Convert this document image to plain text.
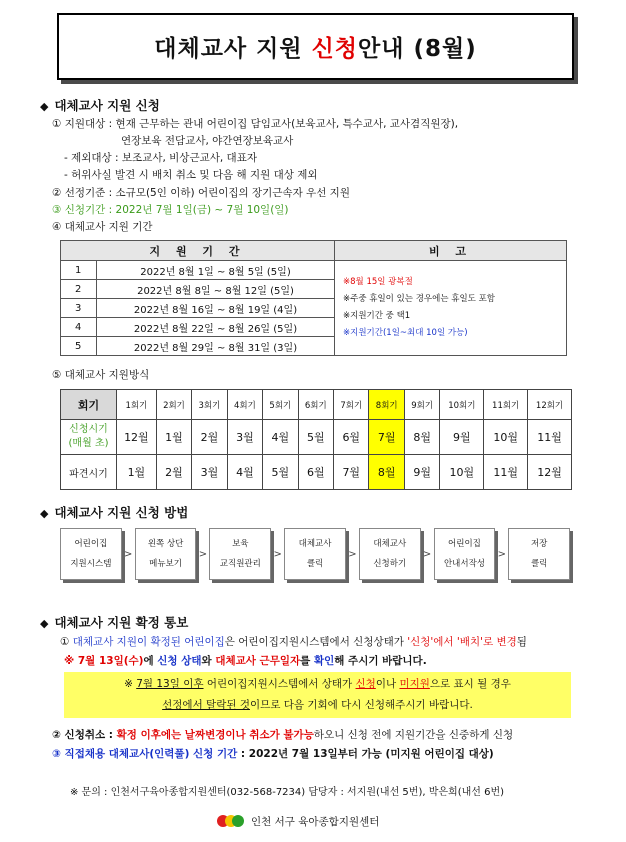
대체교사 지원 신청안내 (8월)
◆ 대체교사 지원 신청
① 지원대상 : 현재 근무하는 관내 어린이집 담임교사(보육교사, 특수교사, 교사겸직원장),
연장보육 전담교사, 야간연장보육교사
- 제외대상 : 보조교사, 비상근교사, 대표자
- 허위사실 발견 시 배치 취소 및 다음 해 지원 대상 제외
② 선정기준 : 소규모(5인 이하) 어린이집의 장기근속자 우선 지원
③ 신청기간 : 2022년 7월 1일(금) ~ 7월 10일(일)
④ 대체교사 지원 기간
지 원 기 간		비 고
1	2022년 8월 1일 ~ 8월 5일 (5일)	※8월 15일 광복절
※주중 휴일이 있는 경우에는 휴일도 포함
※지원기간 중 택1
※지원기간(1일~최대 10일 가능)

2	2022년 8월 8일 ~ 8월 12일 (5일)	
3	2022년 8월 16일 ~ 8월 19일 (4일)	
4	2022년 8월 22일 ~ 8월 26일 (5일)	
5	2022년 8월 29일 ~ 8월 31일 (3일)	
⑤ 대체교사 지원방식
회기	1회기	2회기	3회기	4회기	5회기	6회기	7회기	8회기	9회기	10회기	11회기	12회기
신청시기
(매월 초)	12월	1월	2월	3월	4월	5월	6월	7월	8월	9월	10월	11월
파견시기	1월	2월	3월	4월	5월	6월	7월	8월	9월	10월	11월	12월
◆ 대체교사 지원 신청 방법
어린이집
지원시스템
>
왼쪽 상단
메뉴보기
>
보육
교직원관리
>
대체교사
클릭
>
대체교사
신청하기
>
어린이집
안내서작성
>
저장
클릭
◆ 대체교사 지원 확정 통보
① 대체교사 지원이 확정된 어린이집은 어린이집지원시스템에서 신청상태가 '신청'에서 '배치'로 변경됨
※ 7월 13일(수)에 신청 상태와 대체교사 근무일자를 확인해 주시기 바랍니다.
※ 7월 13일 이후 어린이집지원시스템에서 상태가 신청이나 미지원으로 표시 될 경우
선정에서 탈락된 것이므로 다음 기회에 다시 신청해주시기 바랍니다.
② 신청취소 : 확정 이후에는 날짜변경이나 취소가 불가능하오니 신청 전에 지원기간을 신중하게 신청
③ 직접채용 대체교사(인력풀) 신청 기간 : 2022년 7월 13일부터 가능 (미지원 어린이집 대상)
※ 문의 : 인천서구육아종합지원센터(032-568-7234) 담당자 : 서지원(내선 5번), 박은희(내선 6번)
인천 서구 육아종합지원센터
